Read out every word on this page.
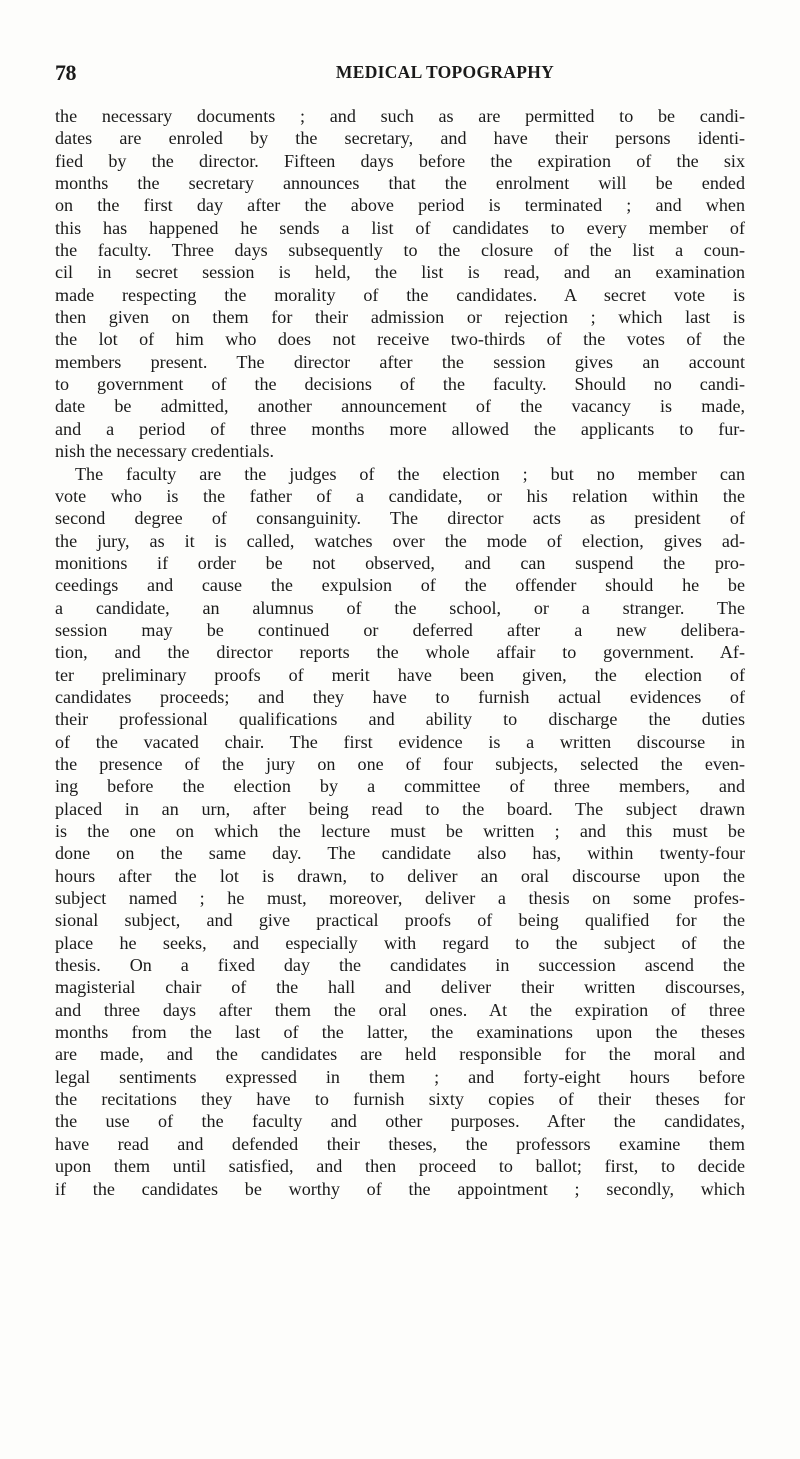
78	MEDICAL TOPOGRAPHY
the necessary documents ; and such as are permitted to be candi-
dates are enroled by the secretary, and have their persons identi-
fied by the director. Fifteen days before the expiration of the six
months the secretary announces that the enrolment will be ended
on the first day after the above period is terminated ; and when
this has happened he sends a list of candidates to every member of
the faculty. Three days subsequently to the closure of the list a coun-
cil in secret session is held, the list is read, and an examination
made respecting the morality of the candidates. A secret vote is
then given on them for their admission or rejection ; which last is
the lot of him who does not receive two-thirds of the votes of the
members present. The director after the session gives an account
to government of the decisions of the faculty. Should no candi-
date be admitted, another announcement of the vacancy is made,
and a period of three months more allowed the applicants to fur-
nish the necessary credentials.
The faculty are the judges of the election ; but no member can
vote who is the father of a candidate, or his relation within the
second degree of consanguinity. The director acts as president of
the jury, as it is called, watches over the mode of election, gives ad-
monitions if order be not observed, and can suspend the pro-
ceedings and cause the expulsion of the offender should he be
a candidate, an alumnus of the school, or a stranger. The
session may be continued or deferred after a new delibera-
tion, and the director reports the whole affair to government. Af-
ter preliminary proofs of merit have been given, the election of
candidates proceeds; and they have to furnish actual evidences of
their professional qualifications and ability to discharge the duties
of the vacated chair. The first evidence is a written discourse in
the presence of the jury on one of four subjects, selected the even-
ing before the election by a committee of three members, and
placed in an urn, after being read to the board. The subject drawn
is the one on which the lecture must be written ; and this must be
done on the same day. The candidate also has, within twenty-four
hours after the lot is drawn, to deliver an oral discourse upon the
subject named ; he must, moreover, deliver a thesis on some profes-
sional subject, and give practical proofs of being qualified for the
place he seeks, and especially with regard to the subject of the
thesis. On a fixed day the candidates in succession ascend the
magisterial chair of the hall and deliver their written discourses,
and three days after them the oral ones. At the expiration of three
months from the last of the latter, the examinations upon the theses
are made, and the candidates are held responsible for the moral and
legal sentiments expressed in them ; and forty-eight hours before
the recitations they have to furnish sixty copies of their theses for
the use of the faculty and other purposes. After the candidates,
have read and defended their theses, the professors examine them
upon them until satisfied, and then proceed to ballot; first, to decide
if the candidates be worthy of the appointment ; secondly, which
